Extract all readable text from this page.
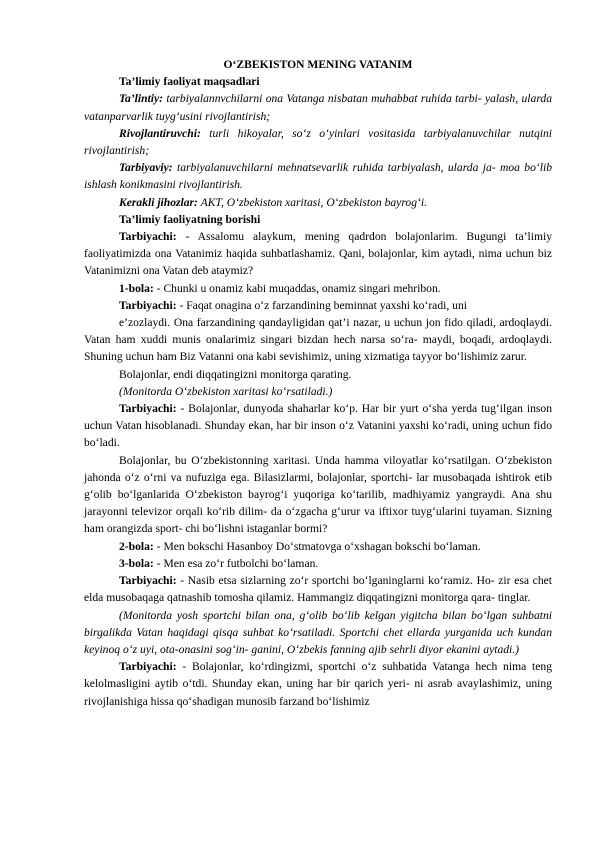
O‘ZBEKISTON MENING VATANIM

Ta’limiy faoliyat maqsadlari

Ta’lintiy: tarbiyalannvchilarni ona Vatanga nisbatan muhabbat ruhida tarbi- yalash, ularda vatanparvarlik tuyg‘usini rivojlantirish;

Rivojlantiruvchi: turli hikoyalar, so‘z o‘yinlari vositasida tarbiyalanuvchilar nutqini rivojlantirish;

Tarbiyaviy: tarbiyalanuvchilarni mehnatsevarlik ruhida tarbiyalash, ularda ja- moa bo‘lib ishlash konikmasini rivojlantirish.

Kerakli jihozlar: AKT, O‘zbekiston xaritasi, O‘zbekiston bayrog‘i.

Ta’limiy faoliyatning borishi

Tarbiyachi: - Assalomu alaykum, mening qadrdon bolajonlarim. Bugungi ta’limiy faoliyatimizda ona Vatanimiz haqida suhbatlashamiz. Qani, bolajonlar, kim aytadi, nima uchun biz Vatanimizni ona Vatan deb ataymiz?

1-bola: - Chunki u onamiz kabi muqaddas, onamiz singari mehribon.

Tarbiyachi: - Faqat onagina o‘z farzandining beminnat yaxshi ko‘radi, uni

e’zozlaydi. Ona farzandining qandayligidan qat’i nazar, u uchun jon fido qiladi, ardoqlaydi. Vatan ham xuddi munis onalarimiz singari bizdan hech narsa so‘ra- maydi, boqadi, ardoqlaydi. Shuning uchun ham Biz Vatanni ona kabi sevishimiz, uning xizmatiga tayyor bo‘lishimiz zarur.

Bolajonlar, endi diqqatingizni monitorga qarating.

(Monitorda O‘zbekiston xaritasi ko‘rsatiladi.)

Tarbiyachi: - Bolajonlar, dunyoda shaharlar ko‘p. Har bir yurt o‘sha yerda tug‘ilgan inson uchun Vatan hisoblanadi. Shunday ekan, har bir inson o‘z Vatanini yaxshi ko‘radi, uning uchun fido bo‘ladi.

Bolajonlar, bu O‘zbekistonning xaritasi. Unda hamma viloyatlar ko‘rsatilgan. O‘zbekiston jahonda o‘z o‘rni va nufuziga ega. Bilasizlarmi, bolajonlar, sportchi- lar musobaqada ishtirok etib g‘olib bo‘lganlarida O‘zbekiston bayrog‘i yuqoriga ko‘tarilib, madhiyamiz yangraydi. Ana shu jarayonni televizor orqali ko‘rib dilim- da o‘zgacha g‘urur va iftixor tuyg‘ularini tuyaman. Sizning ham orangizda sport- chi bo‘lishni istaganlar bormi?

2-bola: - Men bokschi Hasanboy Do‘stmatovga o‘xshagan bokschi bo‘laman.

3-bola: - Men esa zo‘r futbolchi bo‘laman.

Tarbiyachi: - Nasib etsa sizlarning zo‘r sportchi bo‘lganinglarni ko‘ramiz. Ho- zir esa chet elda musobaqaga qatnashib tomosha qilamiz. Hammangiz diqqatingizni monitorga qara- tinglar.

(Monitorda yosh sportchi bilan ona, g‘olib bo‘lib kelgan yigitcha bilan bo‘lgan suhbatni birgalikda Vatan haqidagi qisqa suhbat ko‘rsatiladi. Sportchi chet ellarda yurganida uch kundan keyinoq o‘z uyi, ota-onasini sog‘in- ganini, O‘zbekis fanning ajib sehrli diyor ekanini aytadi.)

Tarbiyachi: - Bolajonlar, ko‘rdingizmi, sportchi o‘z suhbatida Vatanga hech nima teng kelolmasligini aytib o‘tdi. Shunday ekan, uning har bir qarich yeri- ni asrab avaylashimiz, uning rivojlanishiga hissa qo‘shadigan munosib farzand bo‘lishimiz
